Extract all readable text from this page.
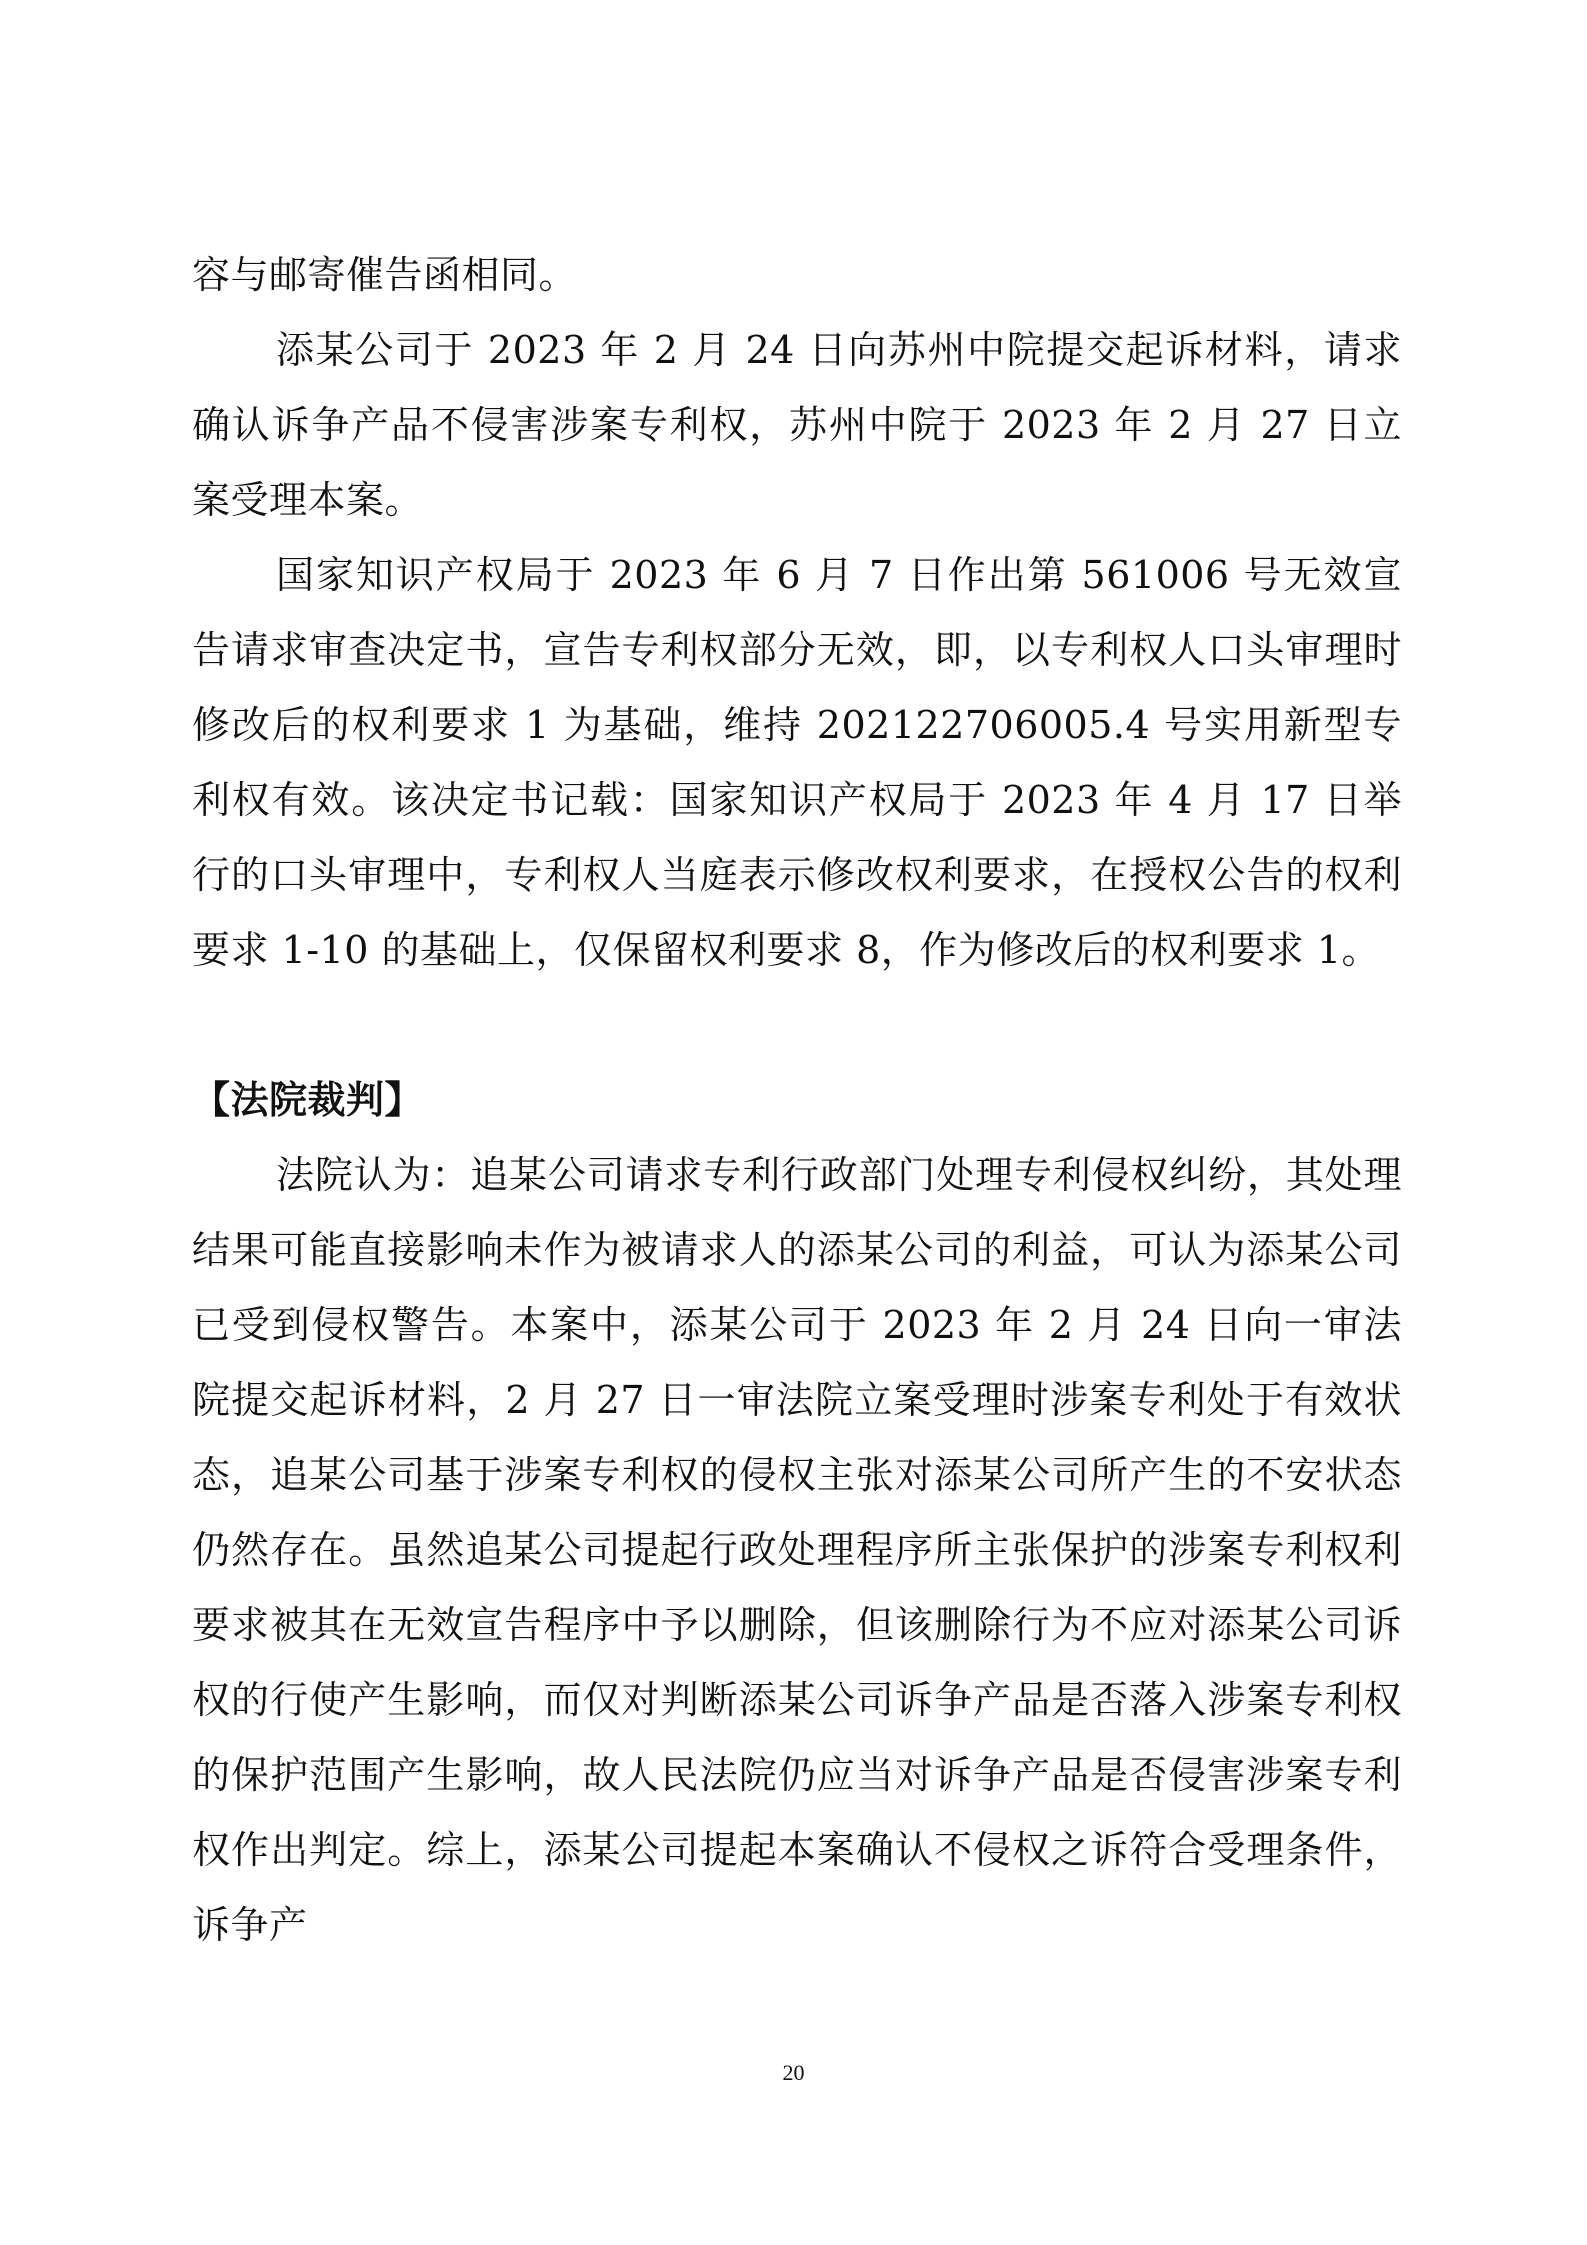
容与邮寄催告函相同。

添某公司于 2023 年 2 月 24 日向苏州中院提交起诉材料，请求确认诉争产品不侵害涉案专利权，苏州中院于 2023 年 2 月 27 日立案受理本案。

国家知识产权局于 2023 年 6 月 7 日作出第 561006 号无效宣告请求审查决定书，宣告专利权部分无效，即，以专利权人口头审理时修改后的权利要求 1 为基础，维持 202122706005.4 号实用新型专利权有效。该决定书记载：国家知识产权局于 2023 年 4 月 17 日举行的口头审理中，专利权人当庭表示修改权利要求，在授权公告的权利要求 1-10 的基础上，仅保留权利要求 8，作为修改后的权利要求 1。

【法院裁判】

法院认为：追某公司请求专利行政部门处理专利侵权纠纷，其处理结果可能直接影响未作为被请求人的添某公司的利益，可认为添某公司已受到侵权警告。本案中，添某公司于 2023 年 2 月 24 日向一审法院提交起诉材料，2 月 27 日一审法院立案受理时涉案专利处于有效状态，追某公司基于涉案专利权的侵权主张对添某公司所产生的不安状态仍然存在。虽然追某公司提起行政处理程序所主张保护的涉案专利权利要求被其在无效宣告程序中予以删除，但该删除行为不应对添某公司诉权的行使产生影响，而仅对判断添某公司诉争产品是否落入涉案专利权的保护范围产生影响，故人民法院仍应当对诉争产品是否侵害涉案专利权作出判定。综上，添某公司提起本案确认不侵权之诉符合受理条件，诉争产

20
